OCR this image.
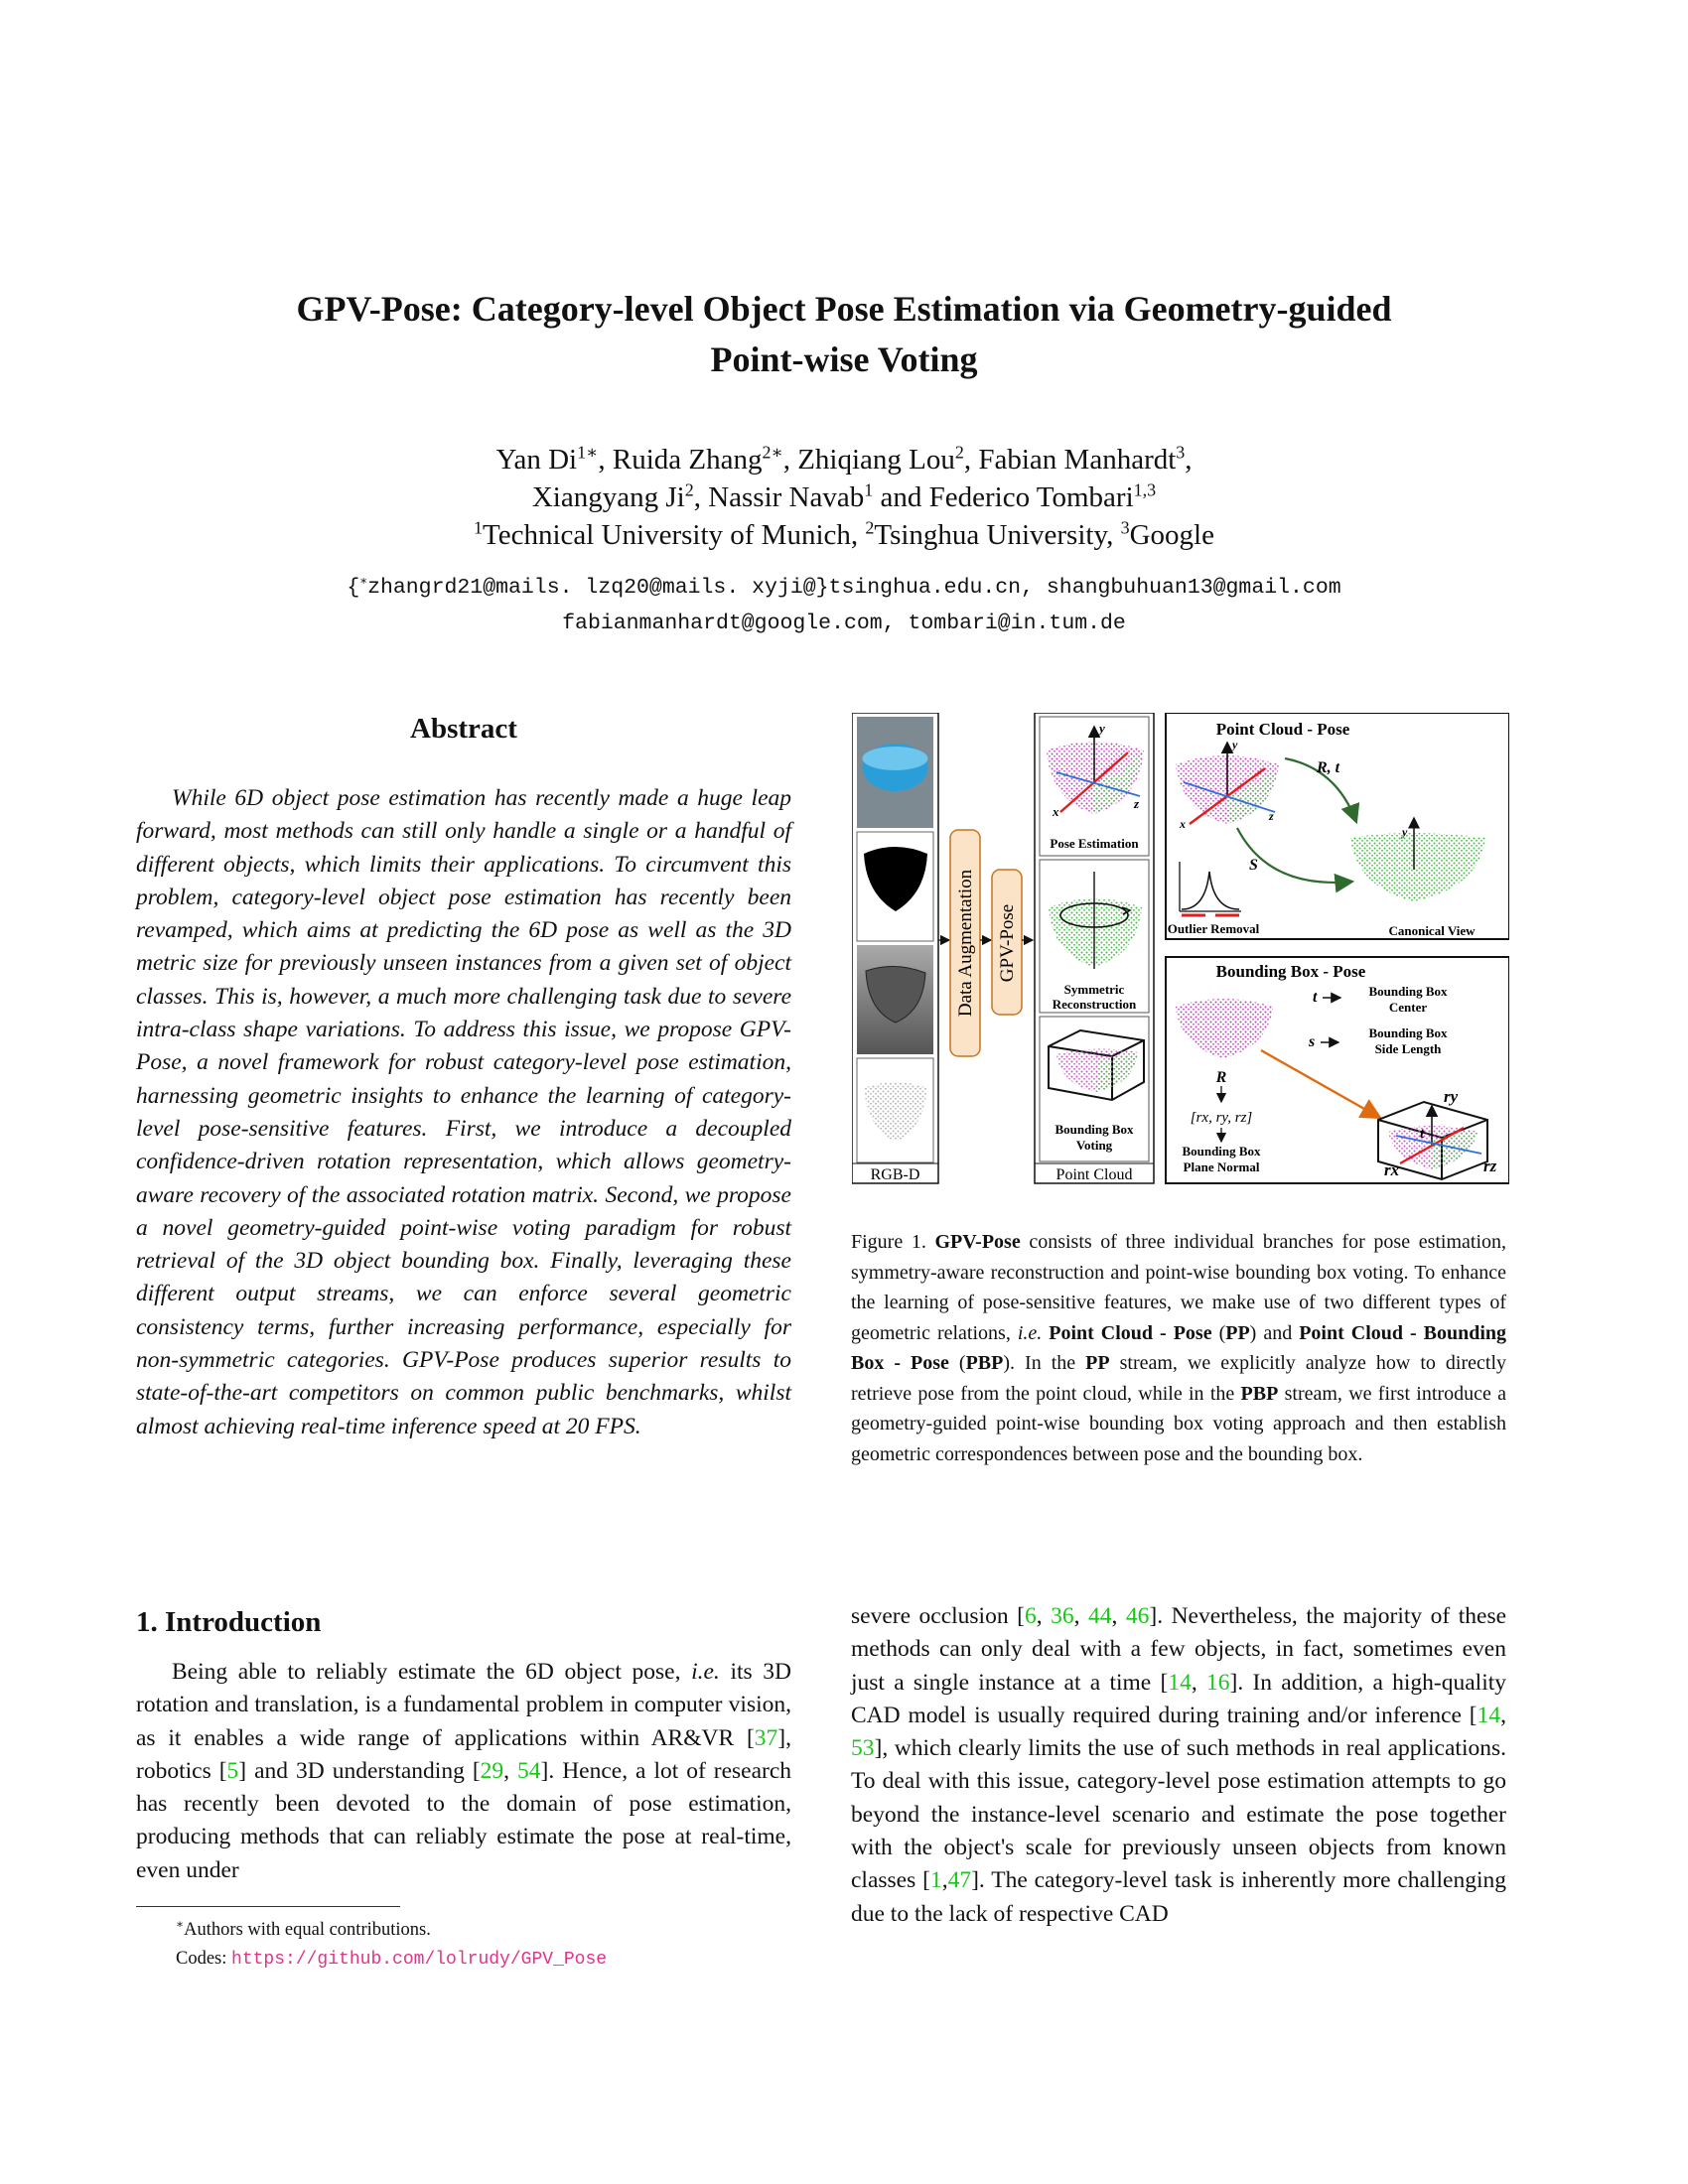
GPV-Pose: Category-level Object Pose Estimation via Geometry-guided
Point-wise Voting
Yan $Di^{1∗}$, Ruida Zhang$^{2∗}$, Zhiqiang Lou$^2$, Fabian Manhardt$^3$,
Xiangyang Ji$^2$, Nassir Navab$^1$ and Federico Tombari$^{1,3}$
$^1$Technical University of Munich, $^2$Tsinghua University, $^3$Google
{∗zhangrd21@mails. lzq20@mails. xyji@}tsinghua.edu.cn, shangbuhuan13@gmail.com
fabianmanhardt@google.com, tombari@in.tum.de
Abstract

While 6D object pose estimation has recently made a huge leap forward, most methods can still only handle a single or a handful of different objects, which limits their applications. To circumvent this problem, category-level object pose estimation has recently been revamped, which aims at predicting the 6D pose as well as the 3D metric size for previously unseen instances from a given set of object classes. This is, however, a much more challenging task due to severe intra-class shape variations. To address this issue, we propose GPV-Pose, a novel framework for robust category-level pose estimation, harnessing geometric insights to enhance the learning of category-level pose-sensitive features. First, we introduce a decoupled confidence-driven rotation representation, which allows geometry-aware recovery of the associated rotation matrix. Second, we propose a novel geometry-guided point-wise voting paradigm for robust retrieval of the 3D object bounding box. Finally, leveraging these different output streams, we can enforce several geometric consistency terms, further increasing performance, especially for non-symmetric categories. GPV-Pose produces superior results to state-of-the-art competitors on common public benchmarks, whilst almost achieving real-time inference speed at 20 FPS.

1. Introduction

Being able to reliably estimate the 6D object pose, i.e. its 3D rotation and translation, is a fundamental problem in computer vision, as it enables a wide range of applications within AR&VR [37], robotics [5] and 3D understanding [29, 54]. Hence, a lot of research has recently been devoted to the domain of pose estimation, producing methods that can reliably estimate the pose at real-time, even under

severe occlusion [6, 36, 44, 46]. Nevertheless, the majority of these methods can only deal with a few objects, in fact, sometimes even just a single instance at a time [14, 16]. In addition, a high-quality CAD model is usually required during training and/or inference [14, 53], which clearly limits the use of such methods in real applications. To deal with this issue, category-level pose estimation attempts to go beyond the instance-level scenario and estimate the pose together with the object's scale for previously unseen objects from known classes [1,47]. The category-level task is inherently more challenging due to the lack of respective CAD

∗Authors with equal contributions.
Codes: https://github.com/lolrudy/GPV_Pose
RGB-D
Data Augmentation GPV-Pose
y
x
z
Pose Estimation
Symmetric
Reconstruction
Bounding Box
Voting
Point Cloud
Point Cloud - Pose
y
x
z
R, t
y
S
Outlier Removal	Canonical View
Bounding Box - Pose
t	Bounding Box
Center
s
Bounding Box
Side Length
R
[rx, ry, rz]
Bounding Box
Plane Normal
ry
rx	rz
t

Figure 1. GPV-Pose consists of three individual branches for pose estimation, symmetry-aware reconstruction and point-wise bounding box voting. To enhance the learning of pose-sensitive features, we make use of two different types of geometric relations, i.e. Point Cloud - Pose (PP) and Point Cloud - Bounding Box - Pose (PBP). In the PP stream, we explicitly analyze how to directly retrieve pose from the point cloud, while in the PBP stream, we first introduce a geometry-guided point-wise bounding box voting approach and then establish geometric correspondences between pose and the bounding box.
